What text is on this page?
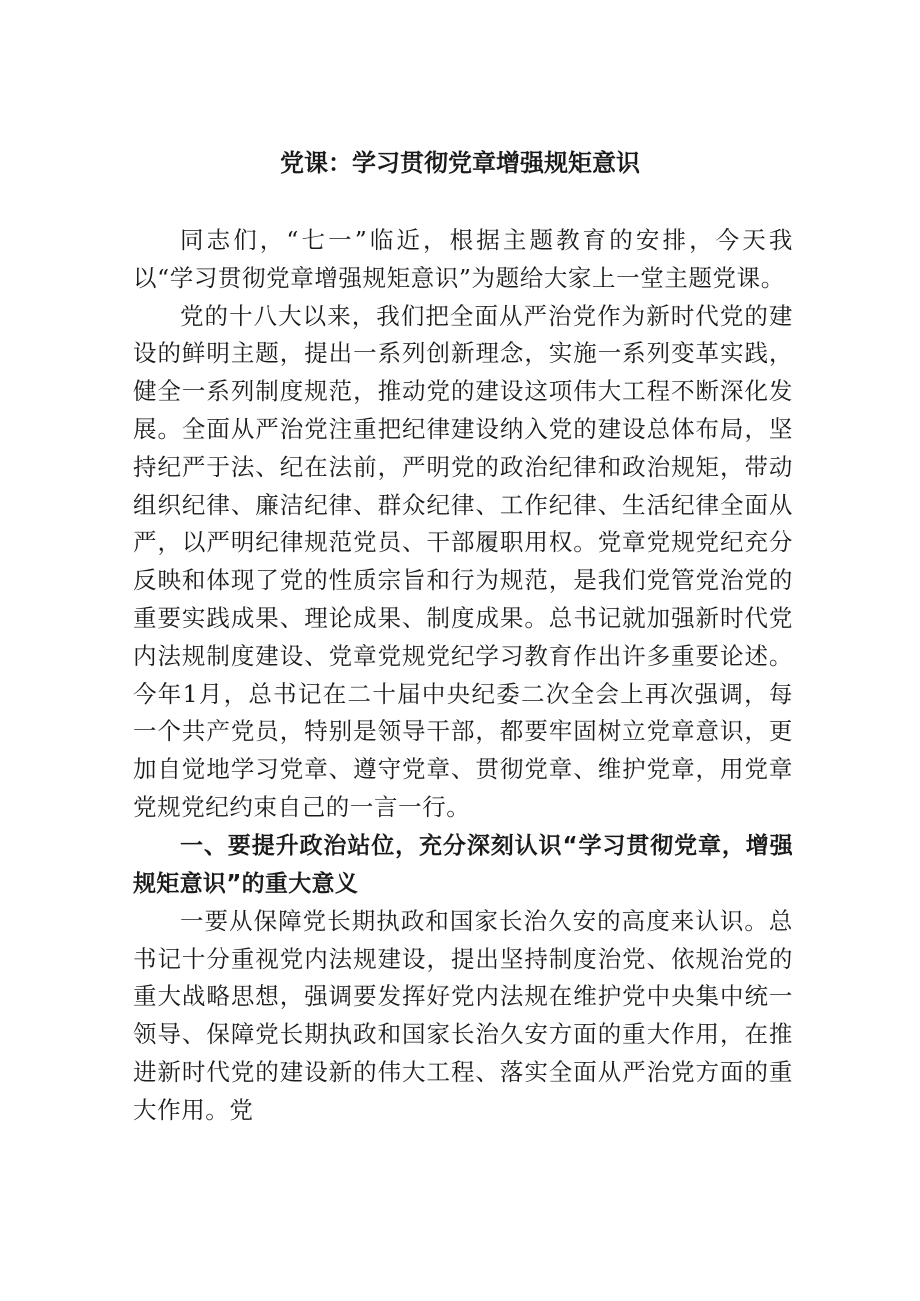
党课：学习贯彻党章增强规矩意识

同志们，“七一”临近，根据主题教育的安排，今天我以“学习贯彻党章增强规矩意识”为题给大家上一堂主题党课。

党的十八大以来，我们把全面从严治党作为新时代党的建设的鲜明主题，提出一系列创新理念，实施一系列变革实践，健全一系列制度规范，推动党的建设这项伟大工程不断深化发展。全面从严治党注重把纪律建设纳入党的建设总体布局，坚持纪严于法、纪在法前，严明党的政治纪律和政治规矩，带动组织纪律、廉洁纪律、群众纪律、工作纪律、生活纪律全面从严，以严明纪律规范党员、干部履职用权。党章党规党纪充分反映和体现了党的性质宗旨和行为规范，是我们党管党治党的重要实践成果、理论成果、制度成果。总书记就加强新时代党内法规制度建设、党章党规党纪学习教育作出许多重要论述。今年1月，总书记在二十届中央纪委二次全会上再次强调，每一个共产党员，特别是领导干部，都要牢固树立党章意识，更加自觉地学习党章、遵守党章、贯彻党章、维护党章，用党章党规党纪约束自己的一言一行。

一、要提升政治站位，充分深刻认识“学习贯彻党章，增强规矩意识”的重大意义

一要从保障党长期执政和国家长治久安的高度来认识。总书记十分重视党内法规建设，提出坚持制度治党、依规治党的重大战略思想，强调要发挥好党内法规在维护党中央集中统一领导、保障党长期执政和国家长治久安方面的重大作用，在推进新时代党的建设新的伟大工程、落实全面从严治党方面的重大作用。党
